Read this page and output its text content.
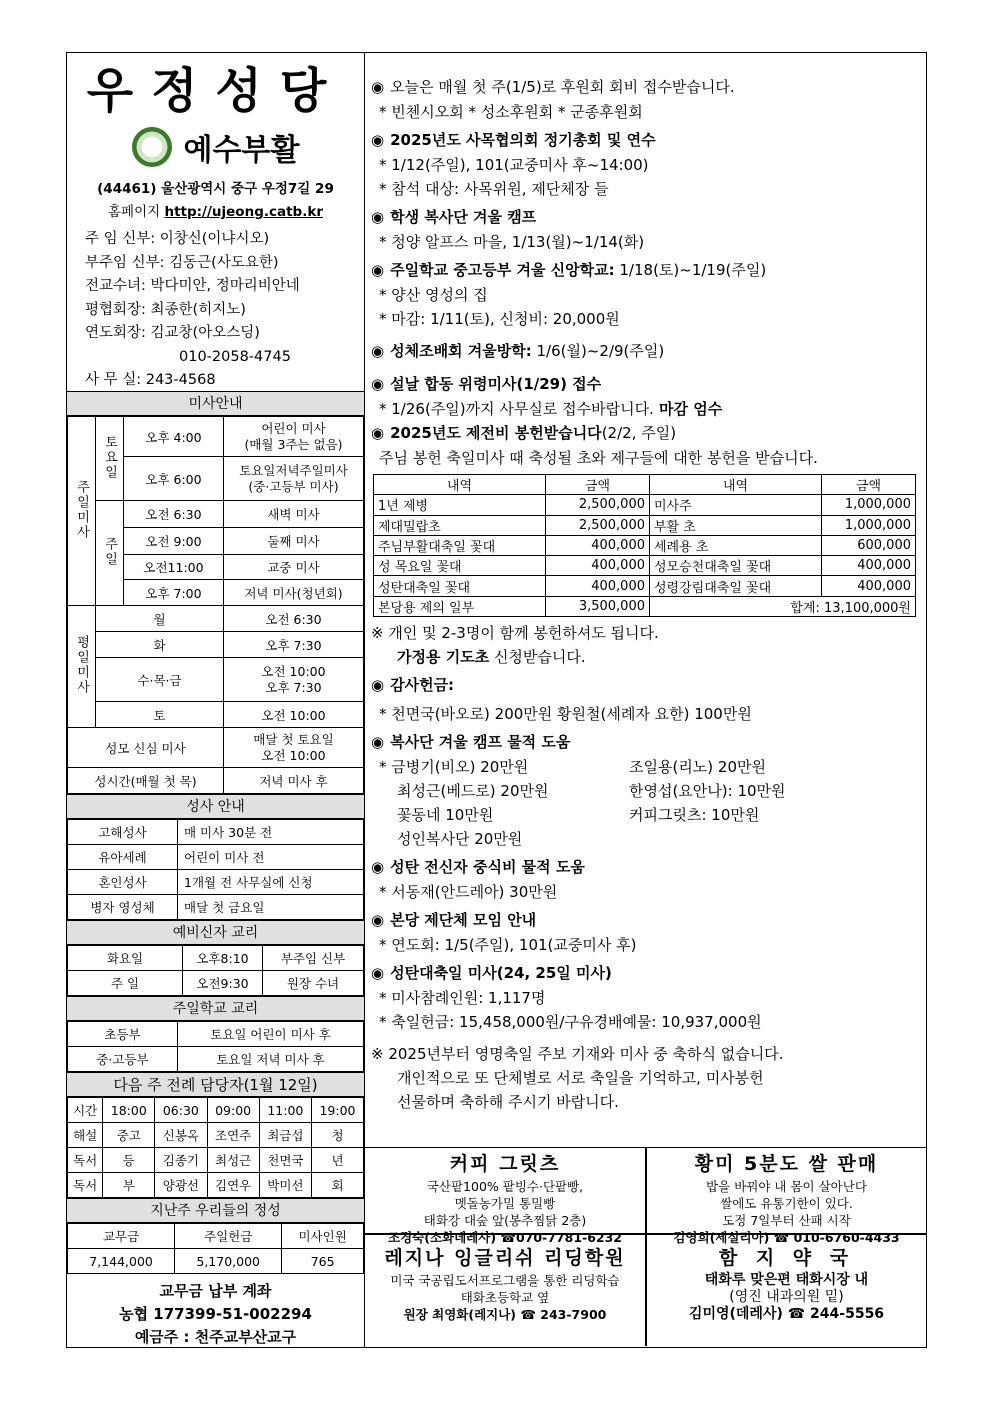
우정성당
예수부활
(44461) 울산광역시 중구 우정7길 29
홈페이지 http://ujeong.catb.kr
주 임 신부: 이창신(이냐시오)
부주임 신부: 김동근(사도요한)
전교수녀: 박다미안, 정마리비안네
평협회장: 최종한(히지노)
연도회장: 김교창(아오스딩)
010-2058-4745
사 무 실: 243-4568
미사안내
주일미사	토요일	오후 4:00	어린이 미사
(매월 3주는 없음)
		오후 6:00	토요일저녁주일미사
(중·고등부 미사)
	주일	오전 6:30	새벽 미사
		오전 9:00	둘째 미사
		오전11:00	교중 미사
		오후 7:00	저녁 미사(청년회)
평일미사	월		오전 6:30
	화		오후 7:30
	수·목·금		오전 10:00
오후 7:30
	토		오전 10:00
성모 신심 미사			매달 첫 토요일
오전 10:00
성시간(매월 첫 목)			저녁 미사 후
성사 안내
고해성사	매 미사 30분 전
유아세례	어린이 미사 전
혼인성사	1개월 전 사무실에 신청
병자 영성체	매달 첫 금요일
예비신자 교리
화요일	오후8:10	부주임 신부
주 일	오전9:30	원장 수녀
주일학교 교리
초등부	토요일 어린이 미사 후
중·고등부	토요일 저녁 미사 후
다음 주 전례 담당자(1월 12일)
시간	18:00	06:30	09:00	11:00	19:00
해설	중고	신봉옥	조연주	최금섭	청
독서	등	김종기	최성근	천면국	년
독서	부	양광선	김연우	박미선	회
지난주 우리들의 정성
교무금	주일헌금	미사인원
7,144,000	5,170,000	765
교무금 납부 계좌
농협 177399-51-002294
예금주 : 천주교부산교구
◉ 오늘은 매월 첫 주(1/5)로 후원회 회비 접수받습니다.
* 빈첸시오회 * 성소후원회 * 군종후원회
◉ 2025년도 사목협의회 정기총회 및 연수
* 1/12(주일), 101(교중미사 후~14:00)
* 참석 대상: 사목위원, 제단체장 들
◉ 학생 복사단 겨울 캠프
* 청양 알프스 마을, 1/13(월)~1/14(화)
◉ 주일학교 중고등부 겨울 신앙학교: 1/18(토)~1/19(주일)
* 양산 영성의 집
* 마감: 1/11(토), 신청비: 20,000원
◉ 성체조배회 겨울방학: 1/6(월)~2/9(주일)
◉ 설날 합동 위령미사(1/29) 접수
* 1/26(주일)까지 사무실로 접수바랍니다. 마감 엄수
◉ 2025년도 제전비 봉헌받습니다(2/2, 주일)
주님 봉헌 축일미사 때 축성될 초와 제구들에 대한 봉헌을 받습니다.
내역	금액	내역	금액
1년 제병	2,500,000	미사주	1,000,000
제대밀랍초	2,500,000	부활 초	1,000,000
주님부활대축일 꽃대	400,000	세례용 초	600,000
성 목요일 꽃대	400,000	성모승천대축일 꽃대	400,000
성탄대축일 꽃대	400,000	성령강림대축일 꽃대	400,000
본당용 제의 일부	3,500,000	합계: 13,100,000원	
※ 개인 및 2-3명이 함께 봉헌하셔도 됩니다.
가정용 기도초 신청받습니다.
◉ 감사헌금:
* 천면국(바오로) 200만원 황원철(세례자 요한) 100만원
◉ 복사단 겨울 캠프 물적 도움
* 금병기(비오) 20만원	조일용(리노) 20만원
최성근(베드로) 20만원	한영섭(요안나): 10만원
꽃동네 10만원	커피그릿츠: 10만원
성인복사단 20만원
◉ 성탄 전신자 중식비 물적 도움
* 서동재(안드레아) 30만원
◉ 본당 제단체 모임 안내
* 연도회: 1/5(주일), 101(교중미사 후)
◉ 성탄대축일 미사(24, 25일 미사)
* 미사참례인원: 1,117명
* 축일헌금: 15,458,000원/구유경배예물: 10,937,000원
※ 2025년부터 영명축일 주보 기재와 미사 중 축하식 없습니다.
개인적으로 또 단체별로 서로 축일을 기억하고, 미사봉헌
선물하며 축하해 주시기 바랍니다.
커피 그릿츠
국산팥100% 팥빙수·단팥빵,
멧돌농가밀 통밀빵
태화강 대숲 앞(봉추찜닭 2층)
조경숙(소화데레사) ☎070-7781-6232
황미 5분도 쌀 판매
밥을 바꿔야 내 몸이 살아난다
쌀에도 유통기한이 있다.
도정 7일부터 산패 시작
김영희(세실리아) ☎ 010-6760-4433
레지나 잉글리쉬 리딩학원
미국 국공립도서프로그램을 통한 리딩학습
태화초등학교 옆
원장 최영화(레지나) ☎ 243-7900
함 지 약 국
태화루 맞은편 태화시장 내
(영진 내과의원 밑)
김미영(데레사) ☎ 244-5556
